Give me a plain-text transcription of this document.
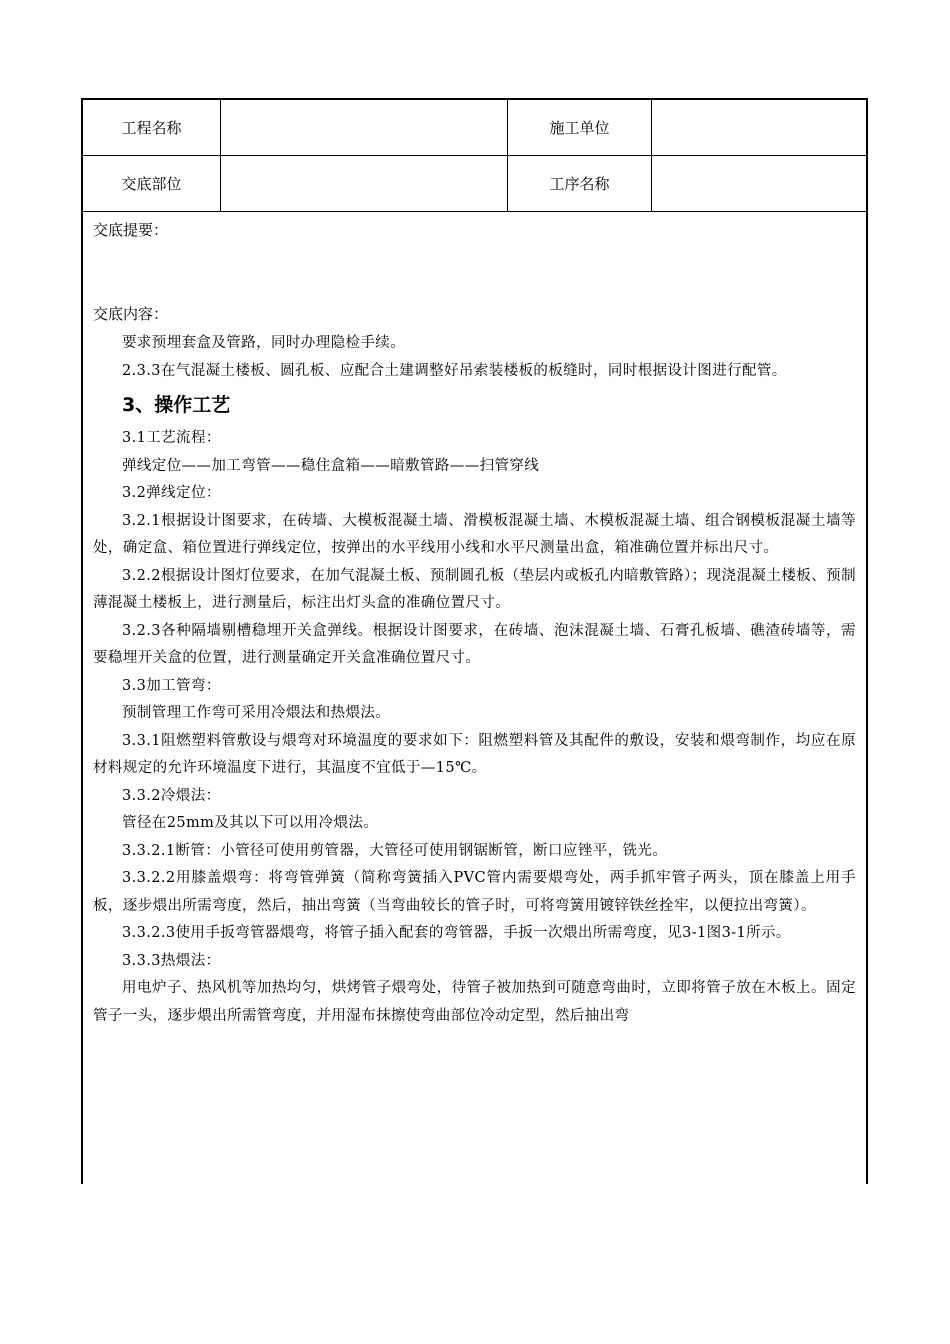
工程名称	施工单位
交底部位	工序名称
交底提要：
交底内容：

要求预埋套盒及管路，同时办理隐检手续。

2.3.3在气混凝土楼板、圆孔板、应配合土建调整好吊索装楼板的板缝时，同时根据设计图进行配管。

3、操作工艺

3.1工艺流程：

弹线定位——加工弯管——稳住盒箱——暗敷管路——扫管穿线

3.2弹线定位：

3.2.1根据设计图要求，在砖墙、大模板混凝土墙、滑模板混凝土墙、木模板混凝土墙、组合钢模板混凝土墙等处，确定盒、箱位置进行弹线定位，按弹出的水平线用小线和水平尺测量出盒，箱准确位置并标出尺寸。

3.2.2根据设计图灯位要求，在加气混凝土板、预制圆孔板（垫层内或板孔内暗敷管路）；现浇混凝土楼板、预制薄混凝土楼板上，进行测量后，标注出灯头盒的准确位置尺寸。

3.2.3各种隔墙剔槽稳埋开关盒弹线。根据设计图要求，在砖墙、泡沫混凝土墙、石膏孔板墙、礁渣砖墙等，需要稳埋开关盒的位置，进行测量确定开关盒准确位置尺寸。

3.3加工管弯：

预制管理工作弯可采用冷煨法和热煨法。

3.3.1阻燃塑料管敷设与煨弯对环境温度的要求如下：阻燃塑料管及其配件的敷设，安装和煨弯制作，均应在原材料规定的允许环境温度下进行，其温度不宜低于—15℃。

3.3.2冷煨法：

管径在25mm及其以下可以用冷煨法。

3.3.2.1断管：小管径可使用剪管器，大管径可使用钢锯断管，断口应锉平，铣光。

3.3.2.2用膝盖煨弯：将弯管弹簧（简称弯簧插入PVC管内需要煨弯处，两手抓牢管子两头，顶在膝盖上用手板，逐步煨出所需弯度，然后，抽出弯簧（当弯曲较长的管子时，可将弯簧用镀锌铁丝拴牢，以便拉出弯簧）。

3.3.2.3使用手扳弯管器煨弯，将管子插入配套的弯管器，手扳一次煨出所需弯度，见3-1图3-1所示。

3.3.3热煨法：

用电炉子、热风机等加热均匀，烘烤管子煨弯处，待管子被加热到可随意弯曲时，立即将管子放在木板上。固定管子一头，逐步煨出所需管弯度，并用湿布抹擦使弯曲部位冷动定型，然后抽出弯
